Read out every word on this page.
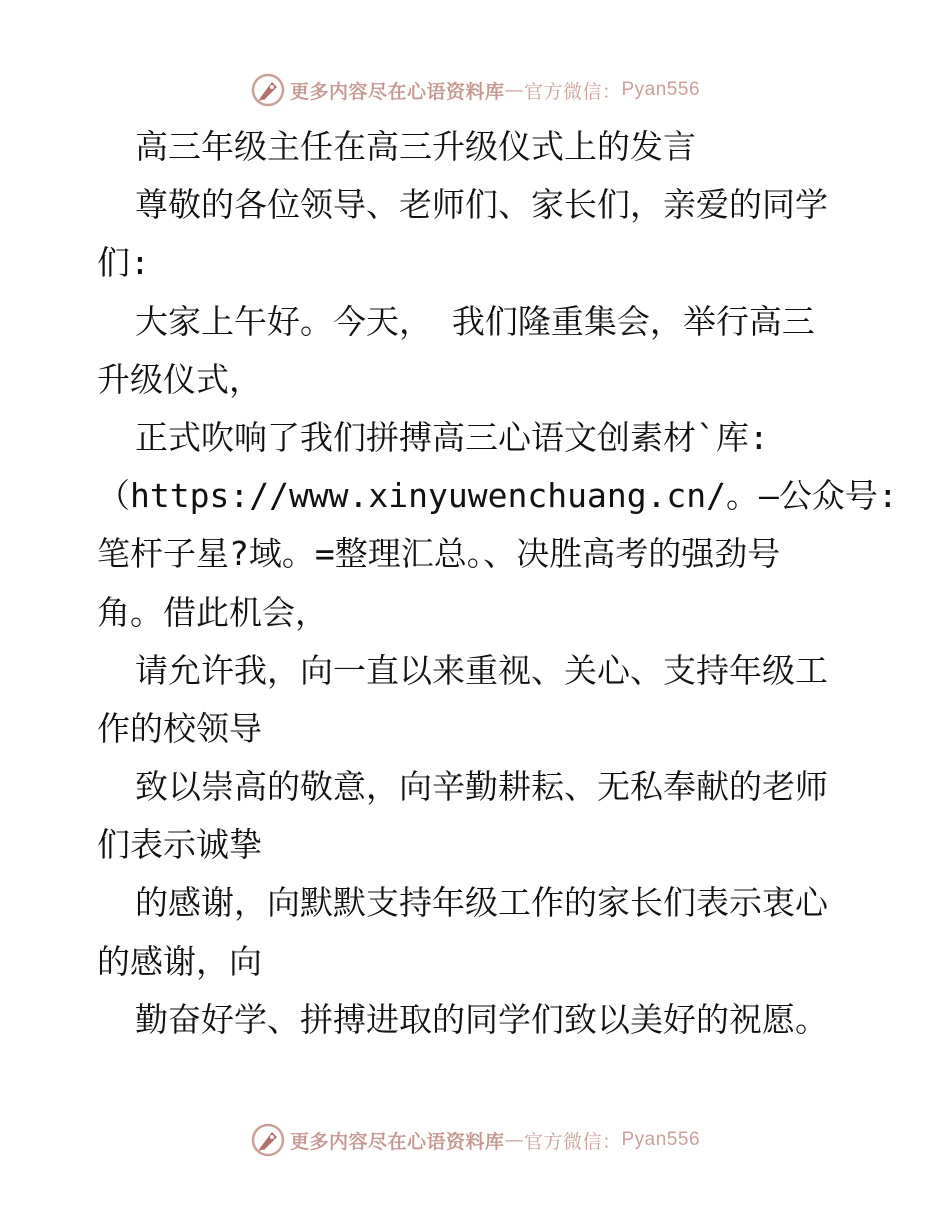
更多内容尽在心语资料库 — 官方微信： Pyan556
高三年级主任在高三升级仪式上的发言
尊敬的各位领导、老师们、家长们，亲爱的同学
们:
大家上午好。今天， 我们隆重集会，举行高三
升级仪式，
正式吹响了我们拼搏高三心语文创素材`库:
（https://www.xinyuwenchuang.cn/。—公众号:
笔杆子星?域。=整理汇总。、决胜高考的强劲号
角。借此机会，
请允许我，向一直以来重视、关心、支持年级工
作的校领导
致以崇高的敬意，向辛勤耕耘、无私奉献的老师
们表示诚挚
的感谢，向默默支持年级工作的家长们表示衷心
的感谢，向
勤奋好学、拼搏进取的同学们致以美好的祝愿。
更多内容尽在心语资料库 — 官方微信： Pyan556
